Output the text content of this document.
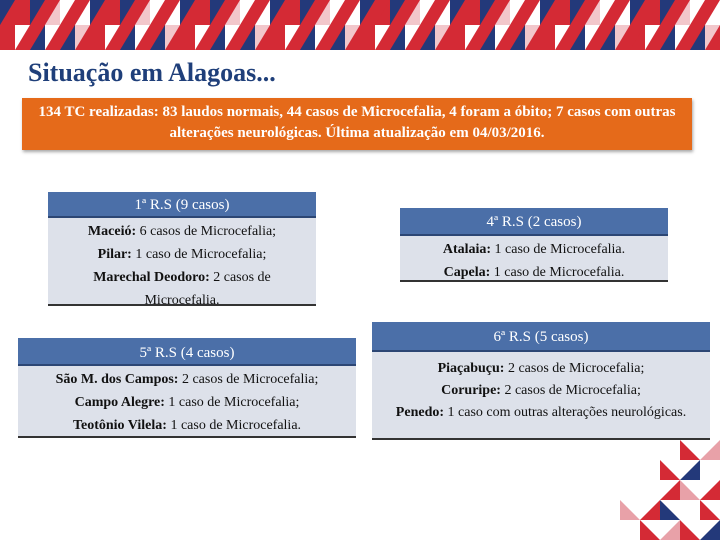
Situação em Alagoas...
134 TC realizadas: 83 laudos normais, 44 casos de Microcefalia, 4 foram a óbito; 7 casos com outras alterações neurológicas. Última atualização em 04/03/2016.
1ª R.S (9 casos)
Maceió: 6 casos de Microcefalia;
Pilar: 1 caso de Microcefalia;
Marechal Deodoro: 2 casos de
Microcefalia.
4ª R.S (2 casos)
Atalaia: 1 caso de Microcefalia.
Capela: 1 caso de Microcefalia.
5ª R.S (4 casos)
São M. dos Campos: 2 casos de Microcefalia;
Campo Alegre: 1 caso de Microcefalia;
Teotônio Vilela: 1 caso de Microcefalia.
6ª R.S (5 casos)
Piaçabuçu: 2 casos de Microcefalia;
Coruripe: 2 casos de Microcefalia;
Penedo: 1 caso com outras alterações neurológicas.
